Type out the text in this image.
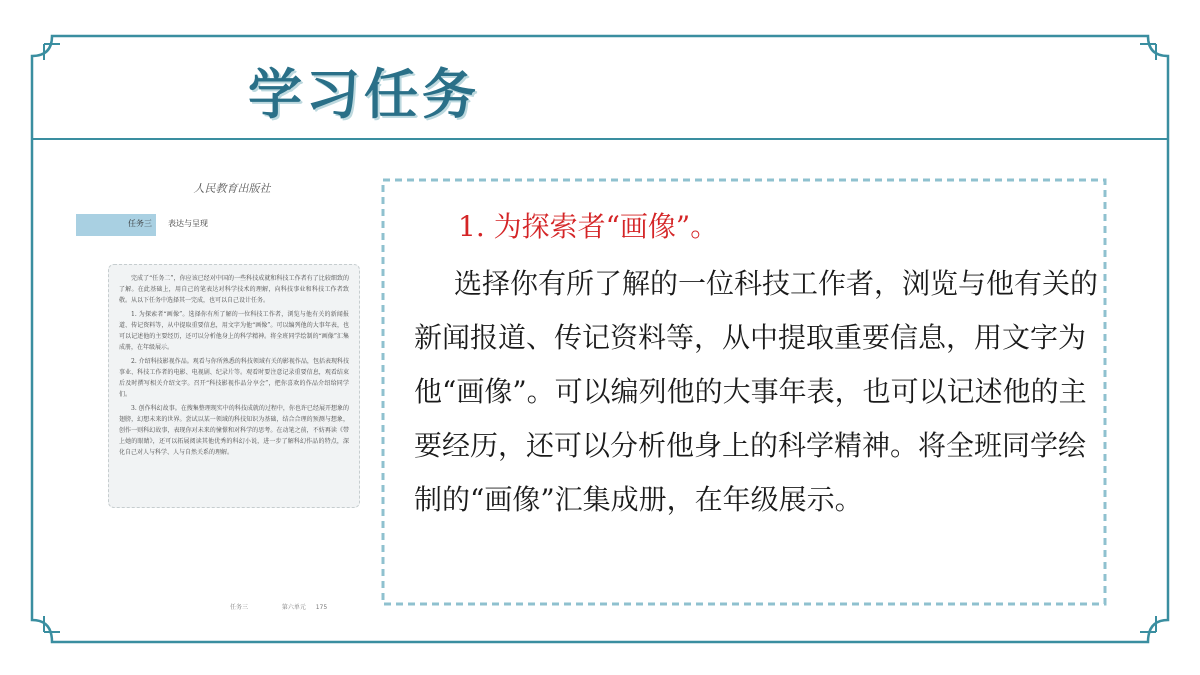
学习任务
人民教育出版社
任务三 表达与呈现

完成了“任务二”，你应该已经对中国的一些科技成就和科技工作者有了比较细致的了解。在此基础上，用自己的笔表达对科学技术的理解，向科技事业和科技工作者致敬。从以下任务中选择其一完成，也可以自己设计任务。

1. 为探索者“画像”。选择你有所了解的一位科技工作者，浏览与他有关的新闻报道、传记资料等，从中提取重要信息，用文字为他“画像”。可以编列他的大事年表，也可以记述他的主要经历，还可以分析他身上的科学精神。将全班同学绘制的“画像”汇集成册，在年级展示。

2. 介绍科技影视作品。观看与你所熟悉的科技领域有关的影视作品，包括表现科技事业、科技工作者的电影、电视剧、纪录片等。观看时要注意记录重要信息，观看结束后及时撰写相关介绍文字。召开“科技影视作品分享会”，把你喜欢的作品介绍给同学们。

3. 创作科幻故事。在搜集整理现实中的科技成就的过程中，你也许已经展开想象的翅膀，幻想未来的世界。尝试以某一领域的科技知识为基础，结合合理的预测与想象，创作一则科幻故事，表现你对未来的憧憬和对科学的思考。在动笔之前，不妨再读《带上她的眼睛》，还可以拓展阅读其他优秀的科幻小说，进一步了解科幻作品的特点，深化自己对人与科学、人与自然关系的理解。

任务三	第六单元 175
1. 为探索者“画像”。

选择你有所了解的一位科技工作者，浏览与他有关的新闻报道、传记资料等，从中提取重要信息，用文字为他“画像”。可以编列他的大事年表，也可以记述他的主要经历，还可以分析他身上的科学精神。将全班同学绘制的“画像”汇集成册，在年级展示。
